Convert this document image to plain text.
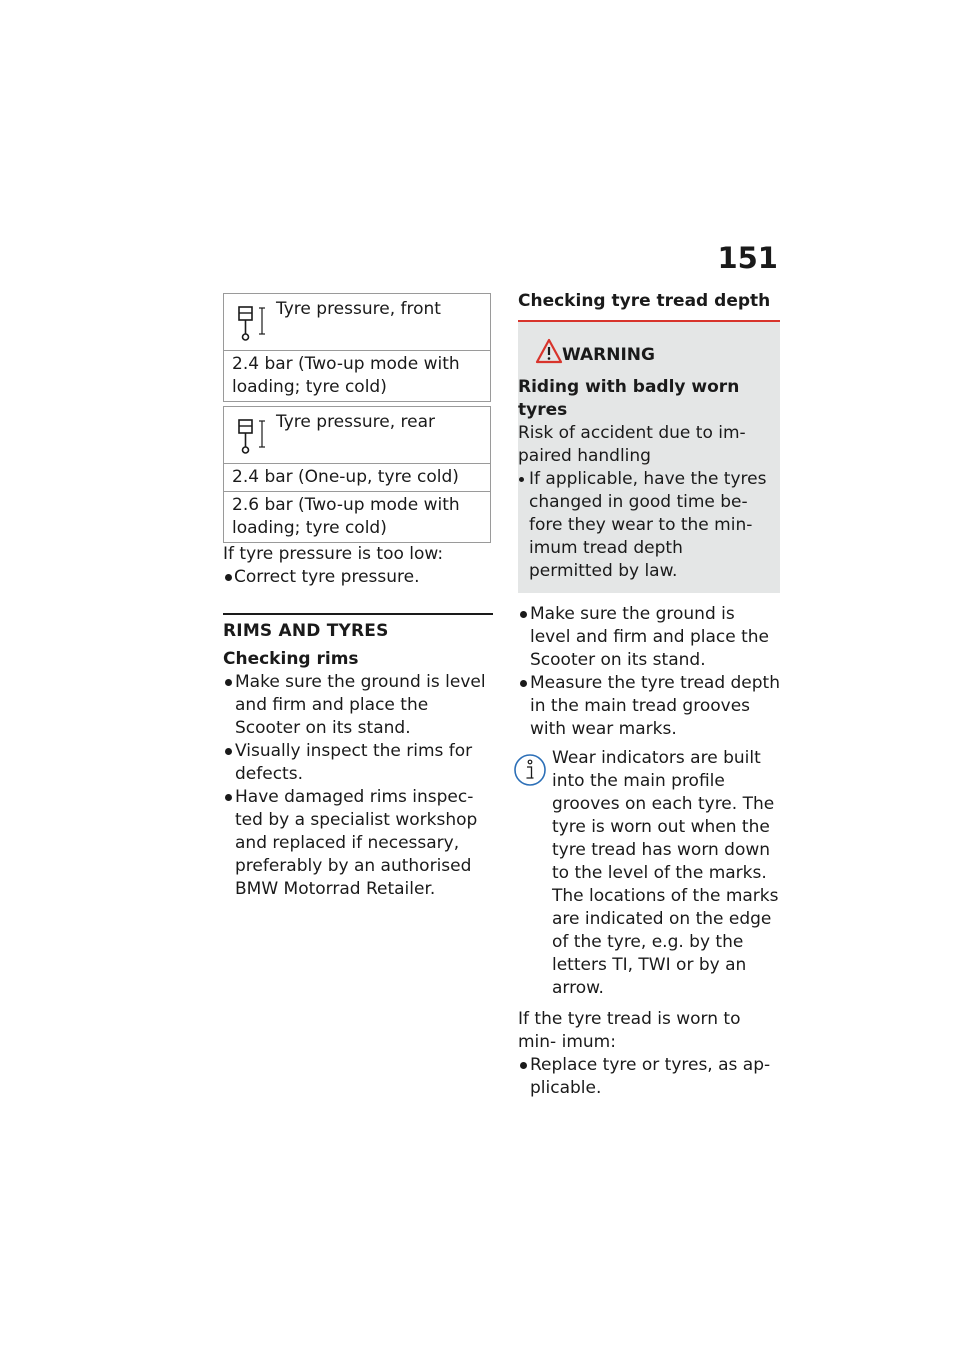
151
Tyre pressure, front
2.4 bar (Two-up mode with loading; tyre cold)
Tyre pressure, rear
2.4 bar (One-up, tyre cold)
2.6 bar (Two-up mode with loading; tyre cold)

If tyre pressure is too low:

Correct tyre pressure.
RIMS AND TYRES
Checking rims
Make sure the ground is level and firm and place the Scooter on its stand.
Visually inspect the rims for defects.
Have damaged rims inspec- ted by a specialist workshop and replaced if necessary, preferably by an authorised BMW Motorrad Retailer.
Checking tyre tread depth
WARNING
Riding with badly worn tyres
Risk of accident due to im- paired handling
If applicable, have the tyres changed in good time be- fore they wear to the min- imum tread depth permitted by law.
Make sure the ground is level and firm and place the Scooter on its stand.
Measure the tyre tread depth in the main tread grooves with wear marks.
Wear indicators are built into the main profile grooves on each tyre. The tyre is worn out when the tyre tread has worn down to the level of the marks. The locations of the marks are indicated on the edge of the tyre, e.g. by the letters TI, TWI or by an arrow.

If the tyre tread is worn to min- imum:

Replace tyre or tyres, as ap- plicable.
